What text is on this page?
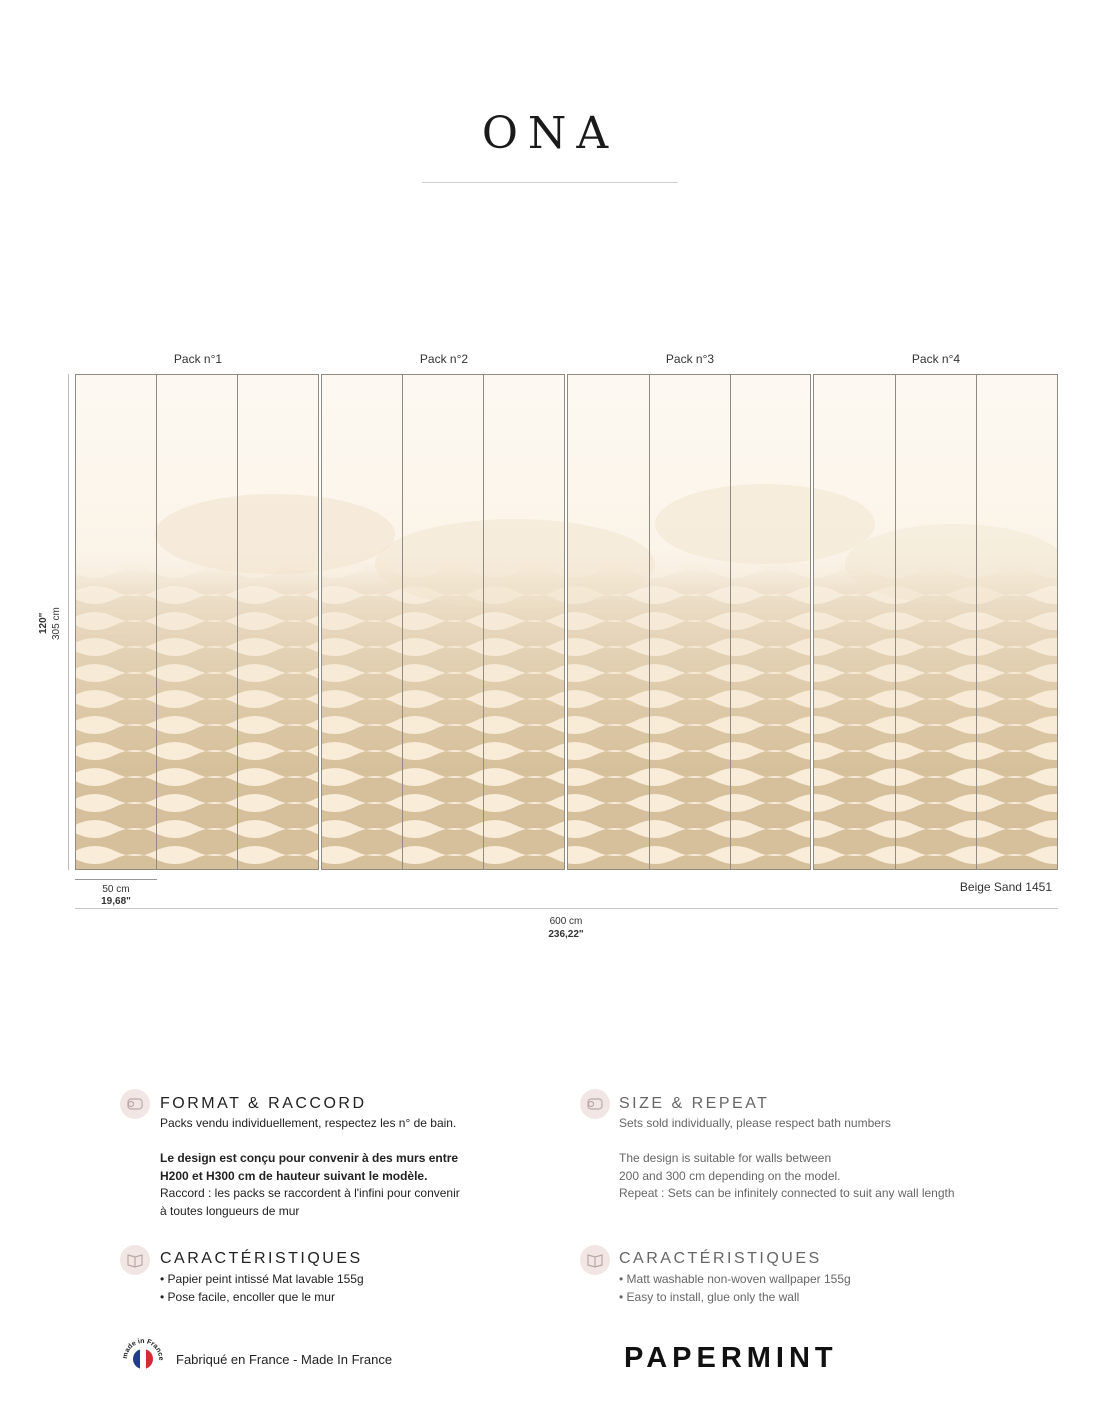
ONA
Pack n°1	Pack n°2	Pack n°3	Pack n°4
120" 305 cm
50 cm
19,68"
Beige Sand 1451
600 cm
236,22"
FORMAT & RACCORD
Packs vendu individuellement, respectez les n° de bain.
Le design est conçu pour convenir à des murs entre
H200 et H300 cm de hauteur suivant le modèle.
Raccord : les packs se raccordent à l'infini pour convenir
à toutes longueurs de mur
SIZE & REPEAT
Sets sold individually, please respect bath numbers
The design is suitable for walls between
200 and 300 cm depending on the model.
Repeat : Sets can be infinitely connected to suit any wall length
CARACTÉRISTIQUES
• Papier peint intissé Mat lavable 155g
• Pose facile, encoller que le mur
CARACTÉRISTIQUES
• Matt washable non-woven wallpaper 155g
• Easy to install, glue only the wall
made in France Fabriqué en France - Made In France	PAPERMINT
